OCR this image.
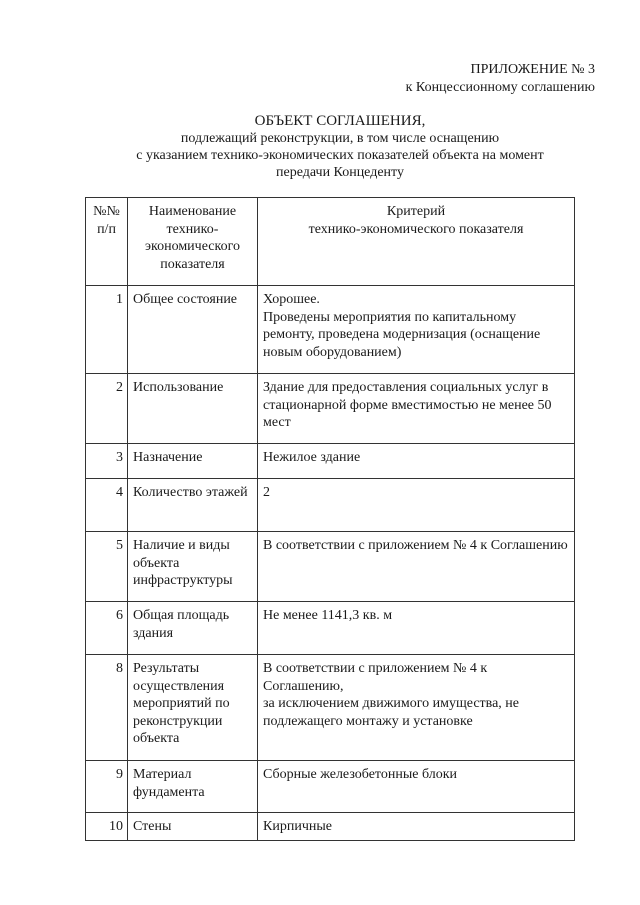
ПРИЛОЖЕНИЕ № 3
к Концессионному соглашению
ОБЪЕКТ СОГЛАШЕНИЯ,
подлежащий реконструкции, в том числе оснащению
с указанием технико-экономических показателей объекта на момент
передачи Концеденту
№№
п/п	Наименование
технико-
экономического
показателя	Критерий
технико-экономического показателя
1	Общее состояние	Хорошее.
Проведены мероприятия по капитальному ремонту, проведена модернизация (оснащение новым оборудованием)
2	Использование	Здание для предоставления социальных услуг в стационарной форме вместимостью не менее 50 мест
3	Назначение	Нежилое здание
4	Количество этажей	2
5	Наличие и виды объекта инфраструктуры	В соответствии с приложением № 4 к Соглашению
6	Общая площадь здания	Не менее 1141,3 кв. м
8	Результаты осуществления мероприятий по реконструкции объекта	В соответствии с приложением № 4 к Соглашению,
за исключением движимого имущества, не подлежащего монтажу и установке
9	Материал фундамента	Сборные железобетонные блоки
10	Стены	Кирпичные
